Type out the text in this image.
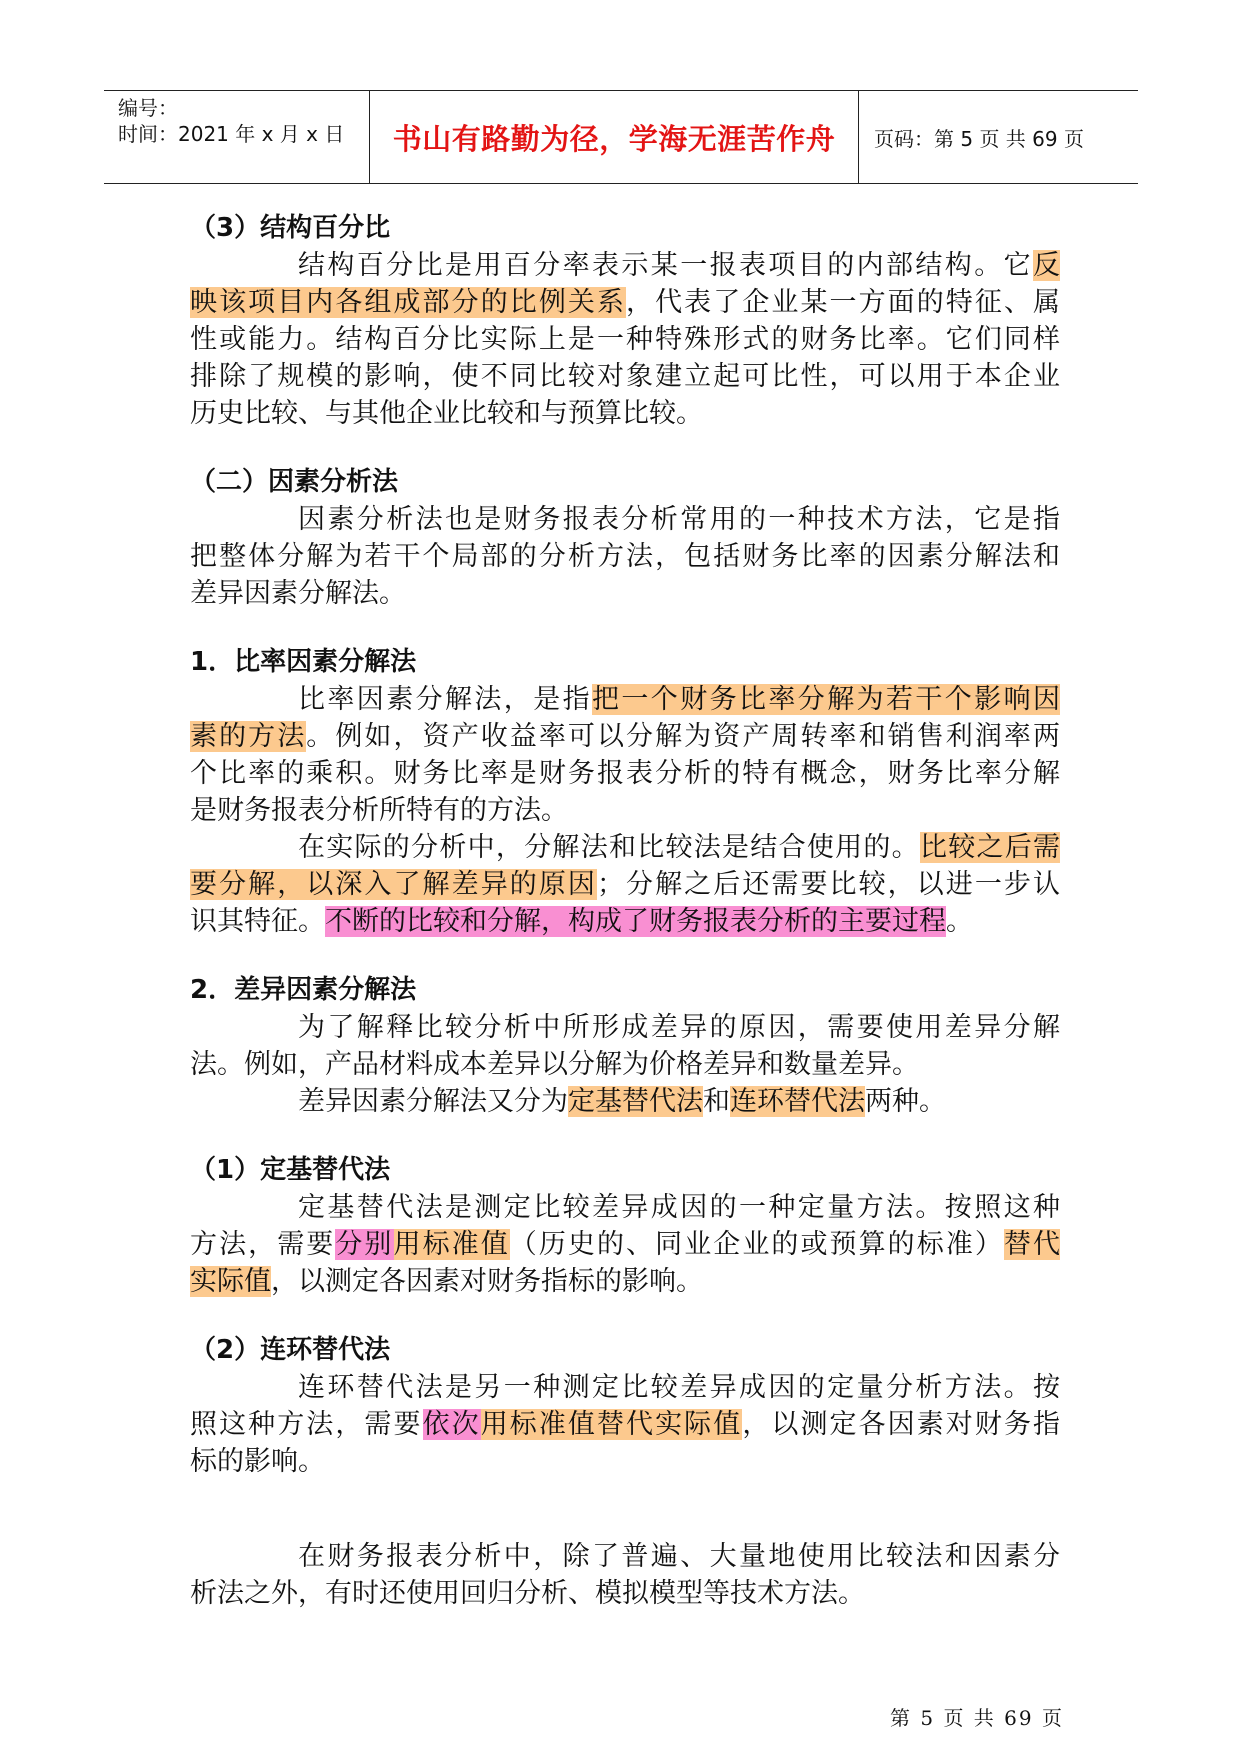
编号：
时间：2021 年 x 月 x 日	书山有路勤为径，学海无涯苦作舟	页码：第 5 页 共 69 页
（3）结构百分比
结构百分比是用百分率表示某一报表项目的内部结构。它反
映该项目内各组成部分的比例关系，代表了企业某一方面的特征、属
性或能力。结构百分比实际上是一种特殊形式的财务比率。它们同样
排除了规模的影响，使不同比较对象建立起可比性，可以用于本企业
历史比较、与其他企业比较和与预算比较。
（二）因素分析法
因素分析法也是财务报表分析常用的一种技术方法，它是指
把整体分解为若干个局部的分析方法，包括财务比率的因素分解法和
差异因素分解法。
1．比率因素分解法
比率因素分解法，是指把一个财务比率分解为若干个影响因
素的方法。例如，资产收益率可以分解为资产周转率和销售利润率两
个比率的乘积。财务比率是财务报表分析的特有概念，财务比率分解
是财务报表分析所特有的方法。
在实际的分析中，分解法和比较法是结合使用的。比较之后需
要分解，以深入了解差异的原因；分解之后还需要比较，以进一步认
识其特征。不断的比较和分解，构成了财务报表分析的主要过程。
2．差异因素分解法
为了解释比较分析中所形成差异的原因，需要使用差异分解
法。例如，产品材料成本差异以分解为价格差异和数量差异。
差异因素分解法又分为定基替代法和连环替代法两种。
（1）定基替代法
定基替代法是测定比较差异成因的一种定量方法。按照这种
方法，需要分别用标准值（历史的、同业企业的或预算的标准）替代
实际值，以测定各因素对财务指标的影响。
（2）连环替代法
连环替代法是另一种测定比较差异成因的定量分析方法。按
照这种方法，需要依次用标准值替代实际值，以测定各因素对财务指
标的影响。
在财务报表分析中，除了普遍、大量地使用比较法和因素分
析法之外，有时还使用回归分析、模拟模型等技术方法。
第 5 页 共 69 页
